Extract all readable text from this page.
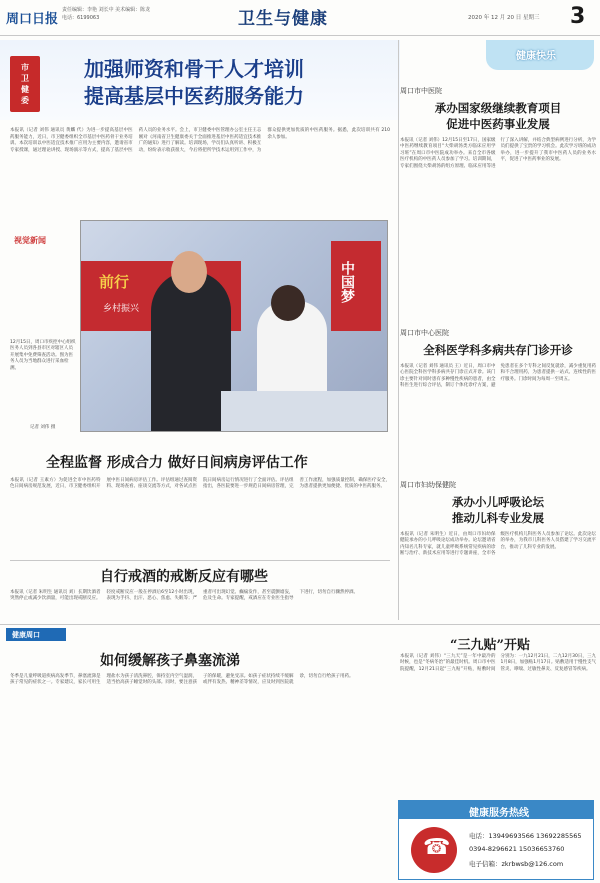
周口日报
责任编辑：李艳 刘长中 美术编辑：陈龙
电话：6199063	卫生与健康	2020 年 12 月 20 日 星期三 3
市
卫
健
委
加强师资和骨干人才培训
提高基层中医药服务能力
本报讯（记者 刘伟 通讯员 黄麟 代）为进一步提高基层中医药服务能力，近日，市卫健委组织全市基层中医药骨干业务培训。本次培训以中医适宜技术推广应用为主要内容，邀请省市专家授课，通过理论讲授、现场演示等方式，提高了基层中医药人员的业务水平。会上，市卫健委中医管理办公室主任王志刚对《河南省卫生健康委关于全面推进基层中医药适宜技术推广的通知》进行了解读。培训现场，学员们认真听讲、积极互动，纷纷表示收获很大，今后将把所学技术运用到工作中，为群众提供更加优质的中医药服务。据悉，此次培训共有 210 余人参加。
健康快乐
周口市中医院
承办国家级继续教育项目
促进中医药事业发展
本报讯（记者 刘伟）12月15日至17日，国家级中医药继续教育项目“大柴胡汤类方临床应用学习班”在周口市中医院成功举办。来自全市各级医疗机构的中医药人员参加了学习。培训期间，专家们围绕大柴胡汤的组方原理、临床应用等进行了深入讲解，并结合典型病例进行分析，为学员们提供了宝贵的学习机会。此次学习班的成功举办，进一步提升了我市中医药人员的业务水平，促进了中医药事业的发展。
视觉新闻
前行
乡村振兴
中国梦
12月15日，周口市疾控中心组织医务人员到各县市区对辖区人员开展集中免费筛查活动。图为医务人员为当地群众进行采血检测。
记者 刘伟 摄
全程监督 形成合力 做好日间病房评估工作
本报讯（记者 王素方）为促进全市中医药特色日间病房规范发展，近日，市卫健委组织开展中医日间病房评估工作。评估组通过查阅资料、现场查看、座谈交流等方式，对各试点医院日间病房运行情况进行了全面评估。评估组指出，各医院要进一步规范日间病房管理，完善工作流程，加强质量控制，确保医疗安全，为患者提供更加便捷、优质的中医药服务。
自行戒酒的戒断反应有哪些
本报讯（记者 朱明生 通讯员 刘）长期饮酒者突然停止或减少饮酒量，可能出现戒断反应。轻度戒断反应一般在停酒后6至12小时出现，表现为手抖、出汗、恶心、焦虑、失眠等；严重者可出现幻觉、癫痫发作，甚至震颤谵妄，危及生命。专家提醒，戒酒应在专业医生指导下进行，切勿自行骤然停酒。
周口市中心医院
全科医学科多病共存门诊开诊
本报讯（记者 刘伟 通讯员 王）近日，周口市中心医院全科医学科多病共存门诊正式开诊。该门诊主要针对同时患有多种慢性疾病的患者，由全科医生进行综合评估，制订个体化诊疗方案，避免患者在多个专科之间反复就诊，减少重复用药和不合理用药，为患者提供一站式、连续性的医疗服务。门诊时间为每周一至周五。
周口市妇幼保健院
承办小儿呼吸论坛
推动儿科专业发展
本报讯（记者 朱明生）近日，由周口市妇幼保健院承办的小儿呼吸论坛成功举办。论坛邀请省内知名儿科专家，就儿童呼吸系统常见疾病的诊断与治疗、新技术应用等进行专题讲座，全市各级医疗机构儿科医务人员参加了论坛。此次论坛的举办，为我市儿科医务人员搭建了学习交流平台，推动了儿科专业的发展。
健康周口
如何缓解孩子鼻塞流涕
冬季是儿童呼吸道疾病高发季节，鼻塞流涕是孩子常见的症状之一。专家建议，家长可用生理盐水为孩子清洗鼻腔，保持室内空气湿润，适当抬高孩子睡觉时的头部。同时，要注意孩子的保暖，避免受凉。如孩子症状持续不缓解或伴有发热、精神差等情况，应及时到医院就诊，切勿自行给孩子用药。
“三九贴”开贴
本报讯（记者 刘伟）“三九天”是一年中最冷的时候，也是“冬病冬治”的最佳时机。周口市中医院提醒，12月21日起“三九贴”开贴，贴敷时间分别为：一九12月21日，二九12月30日，三九1月8日，加强贴1月17日。贴敷适用于慢性支气管炎、哮喘、过敏性鼻炎、反复感冒等疾病。
健康服务热线
☎
电话：13949693566 13692285565
0394-8296621 15036653760
电子信箱：zkrbwsb@126.com
